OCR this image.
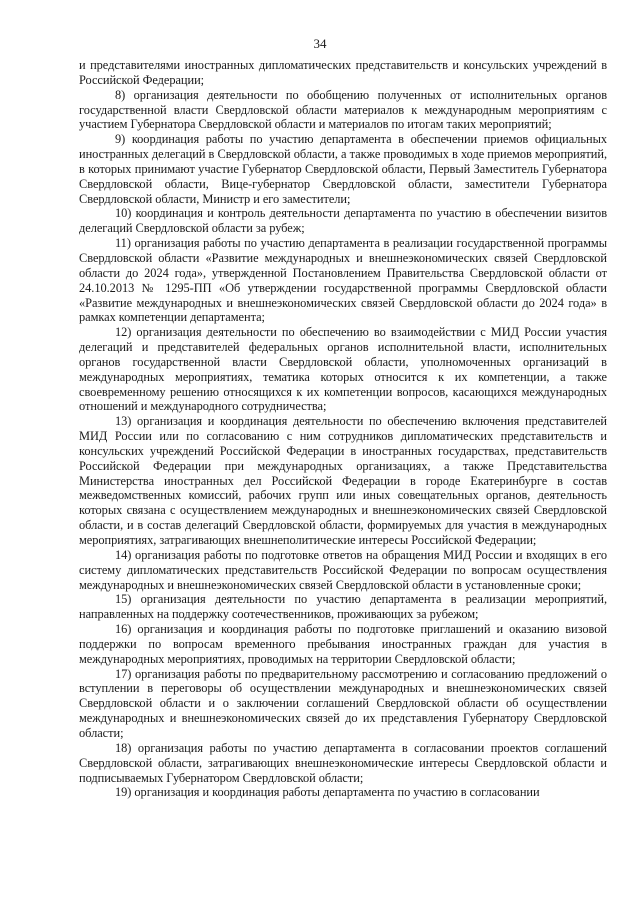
34

и представителями иностранных дипломатических представительств и консульских учреждений в Российской Федерации;

8) организация деятельности по обобщению полученных от исполнительных органов государственной власти Свердловской области материалов к международным мероприятиям с участием Губернатора Свердловской области и материалов по итогам таких мероприятий;

9) координация работы по участию департамента в обеспечении приемов официальных иностранных делегаций в Свердловской области, а также проводимых в ходе приемов мероприятий, в которых принимают участие Губернатор Свердловской области, Первый Заместитель Губернатора Свердловской области, Вице-губернатор Свердловской области, заместители Губернатора Свердловской области, Министр и его заместители;

10) координация и контроль деятельности департамента по участию в обеспечении визитов делегаций Свердловской области за рубеж;

11) организация работы по участию департамента в реализации государственной программы Свердловской области «Развитие международных и внешнеэкономических связей Свердловской области до 2024 года», утвержденной Постановлением Правительства Свердловской области от 24.10.2013 № 1295-ПП «Об утверждении государственной программы Свердловской области «Развитие международных и внешнеэкономических связей Свердловской области до 2024 года» в рамках компетенции департамента;

12) организация деятельности по обеспечению во взаимодействии с МИД России участия делегаций и представителей федеральных органов исполнительной власти, исполнительных органов государственной власти Свердловской области, уполномоченных организаций в международных мероприятиях, тематика которых относится к их компетенции, а также своевременному решению относящихся к их компетенции вопросов, касающихся международных отношений и международного сотрудничества;

13) организация и координация деятельности по обеспечению включения представителей МИД России или по согласованию с ним сотрудников дипломатических представительств и консульских учреждений Российской Федерации в иностранных государствах, представительств Российской Федерации при международных организациях, а также Представительства Министерства иностранных дел Российской Федерации в городе Екатеринбурге в состав межведомственных комиссий, рабочих групп или иных совещательных органов, деятельность которых связана с осуществлением международных и внешнеэкономических связей Свердловской области, и в состав делегаций Свердловской области, формируемых для участия в международных мероприятиях, затрагивающих внешнеполитические интересы Российской Федерации;

14) организация работы по подготовке ответов на обращения МИД России и входящих в его систему дипломатических представительств Российской Федерации по вопросам осуществления международных и внешнеэкономических связей Свердловской области в установленные сроки;

15) организация деятельности по участию департамента в реализации мероприятий, направленных на поддержку соотечественников, проживающих за рубежом;

16) организация и координация работы по подготовке приглашений и оказанию визовой поддержки по вопросам временного пребывания иностранных граждан для участия в международных мероприятиях, проводимых на территории Свердловской области;

17) организация работы по предварительному рассмотрению и согласованию предложений о вступлении в переговоры об осуществлении международных и внешнеэкономических связей Свердловской области и о заключении соглашений Свердловской области об осуществлении международных и внешнеэкономических связей до их представления Губернатору Свердловской области;

18) организация работы по участию департамента в согласовании проектов соглашений Свердловской области, затрагивающих внешнеэкономические интересы Свердловской области и подписываемых Губернатором Свердловской области;

19) организация и координация работы департамента по участию в согласовании
